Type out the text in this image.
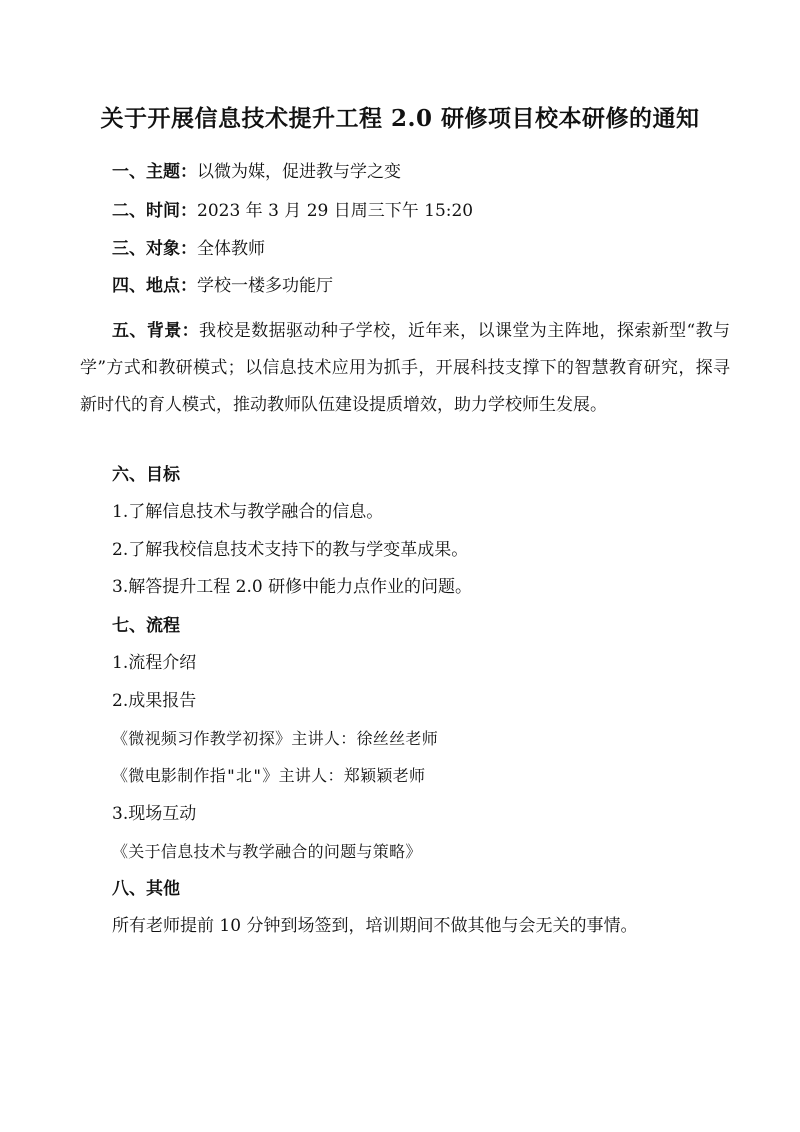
关于开展信息技术提升工程 2.0 研修项目校本研修的通知
一、主题：以微为媒，促进教与学之变
二、时间：2023 年 3 月 29 日周三下午 15:20
三、对象：全体教师
四、地点：学校一楼多功能厅
五、背景：我校是数据驱动种子学校，近年来，以课堂为主阵地，探索新型“教与学”方式和教研模式；以信息技术应用为抓手，开展科技支撑下的智慧教育研究，探寻新时代的育人模式，推动教师队伍建设提质增效，助力学校师生发展。
六、目标
1.了解信息技术与教学融合的信息。
2.了解我校信息技术支持下的教与学变革成果。
3.解答提升工程 2.0 研修中能力点作业的问题。
七、流程
1.流程介绍
2.成果报告
《微视频习作教学初探》主讲人：徐丝丝老师
《微电影制作指"北"》主讲人：郑颖颖老师
3.现场互动
《关于信息技术与教学融合的问题与策略》
八、其他
所有老师提前 10 分钟到场签到，培训期间不做其他与会无关的事情。
